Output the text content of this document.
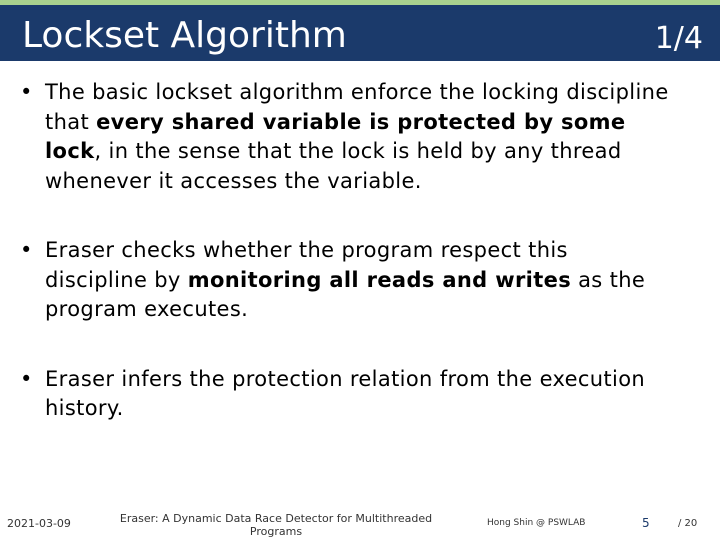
Lockset Algorithm	1/4
• The basic lockset algorithm enforce the locking discipline that every shared variable is protected by some lock, in the sense that the lock is held by any thread whenever it accesses the variable.
• Eraser checks whether the program respect this discipline by monitoring all reads and writes as the program executes.
• Eraser infers the protection relation from the execution history.
2021-03-09	Eraser: A Dynamic Data Race Detector for Multithreaded Programs
Hong Shin @ PSWLAB	5	/ 20
